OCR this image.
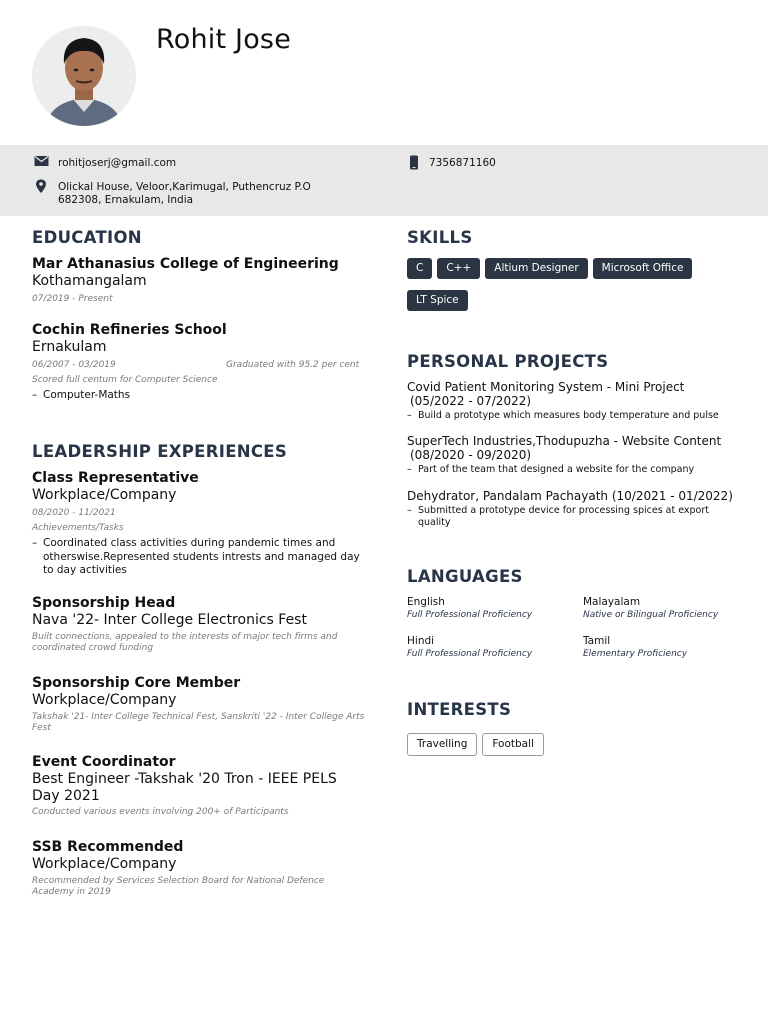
Rohit Jose
rohitjoserj@gmail.com	7356871160
Olickal House, Veloor,Karimugal, Puthencruz P.O
682308, Ernakulam, India
EDUCATION
Mar Athanasius College of Engineering
Kothamangalam
07/2019 - Present
Cochin Refineries School
Ernakulam
06/2007 - 03/2019	Graduated with 95.2 per cent
Scored full centum for Computer Science
– Computer-Maths
LEADERSHIP EXPERIENCES
Class Representative
Workplace/Company
08/2020 - 11/2021
Achievements/Tasks
– Coordinated class activities during pandemic times and otherswise.Represented students intrests and managed day to day activities
Sponsorship Head
Nava '22- Inter College Electronics Fest
Built connections, appealed to the interests of major tech firms and coordinated crowd funding
Sponsorship Core Member
Workplace/Company
Takshak '21- Inter College Technical Fest, Sanskriti '22 - Inter College Arts Fest
Event Coordinator
Best Engineer -Takshak '20 Tron - IEEE PELS Day 2021
Conducted various events involving 200+ of Participants
SSB Recommended
Workplace/Company
Recommended by Services Selection Board for National Defence Academy in 2019
SKILLS
C C++ Altium Designer Microsoft OfficeLT Spice
PERSONAL PROJECTS
Covid Patient Monitoring System - Mini Project
(05/2022 - 07/2022)
– Build a prototype which measures body temperature and pulse
SuperTech Industries,Thodupuzha - Website Content
(08/2020 - 09/2020)
– Part of the team that designed a website for the company
Dehydrator, Pandalam Pachayath (10/2021 - 01/2022)
– Submitted a prototype device for processing spices at export quality
LANGUAGES
English
Full Professional Proficiency
Malayalam
Native or Bilingual Proficiency
Hindi
Full Professional Proficiency
Tamil
Elementary Proficiency
INTERESTS
Travelling Football
